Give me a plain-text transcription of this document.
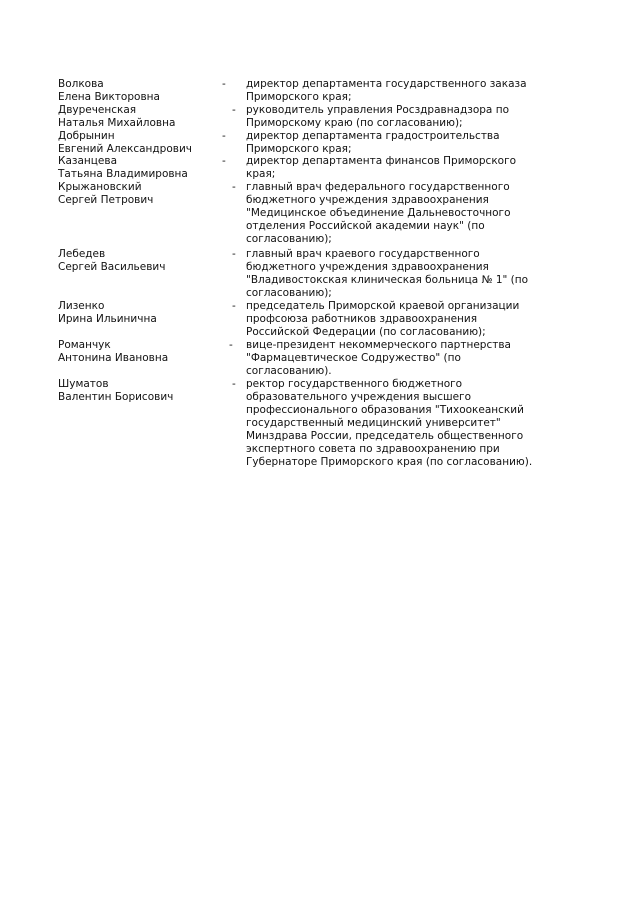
Волкова
Елена Викторовна
- директор департамента государственного заказа
Приморского края;
Двуреченская
Наталья Михайловна
- руководитель управления Росздравнадзора по
Приморскому краю (по согласованию);
Добрынин
Евгений Александрович
- директор департамента градостроительства
Приморского края;
Казанцева
Татьяна Владимировна
- директор департамента финансов Приморского
края;
Крыжановский
Сергей Петрович
- главный врач федерального государственного
бюджетного учреждения здравоохранения
"Медицинское объединение Дальневосточного
отделения Российской академии наук" (по
согласованию);
Лебедев
Сергей Васильевич
- главный врач краевого государственного
бюджетного учреждения здравоохранения
"Владивостокская клиническая больница № 1" (по
согласованию);
Лизенко
Ирина Ильинична
- председатель Приморской краевой организации
профсоюза работников здравоохранения
Российской Федерации (по согласованию);
Романчук
Антонина Ивановна
- вице-президент некоммерческого партнерства
"Фармацевтическое Содружество" (по
согласованию).
Шуматов
Валентин Борисович
- ректор государственного бюджетного
образовательного учреждения высшего
профессионального образования "Тихоокеанский
государственный медицинский университет"
Минздрава России, председатель общественного
экспертного совета по здравоохранению при
Губернаторе Приморского края (по согласованию).
